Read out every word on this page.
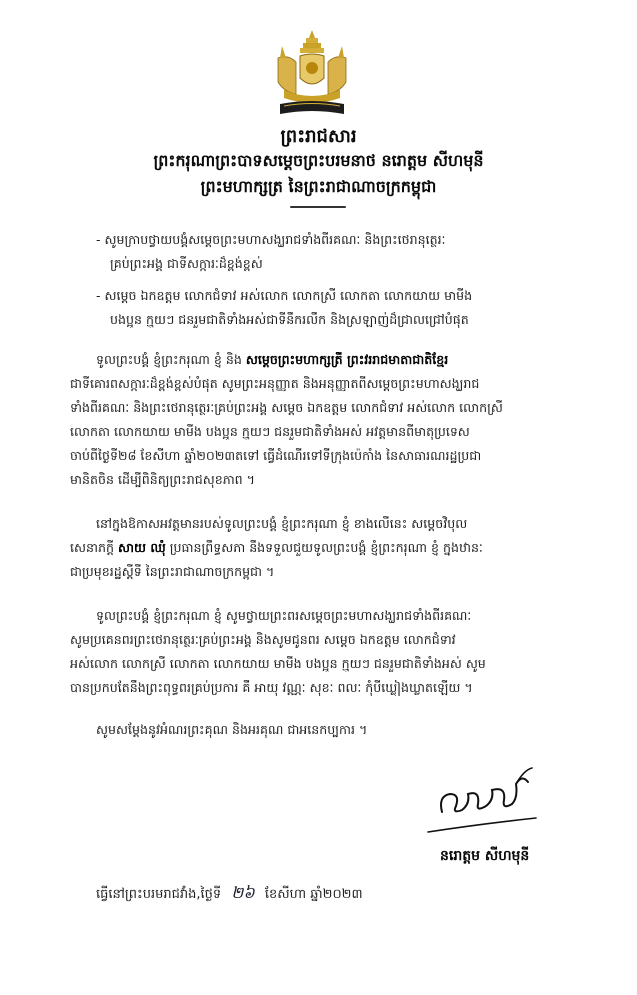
ព្រះរាជសារ
ព្រះករុណាព្រះបាទសម្ដេចព្រះបរមនាថ នរោត្តម សីហមុនី
ព្រះមហាក្សត្រ នៃព្រះរាជាណាចក្រកម្ពុជា
- សូមក្រាបថ្វាយបង្គំសម្តេចព្រះមហាសង្ឃរាជទាំងពីរគណៈ និងព្រះថេរានុត្ថេរៈ
គ្រប់ព្រះអង្គ ជាទីសក្ការៈដ៏ខ្ពង់ខ្ពស់
- សម្តេច ឯកឧត្តម លោកជំទាវ អស់លោក លោកស្រី លោកតា លោកយាយ មាមីង
បងប្អូន ក្មួយៗ ជនរួមជាតិទាំងអស់ជាទីនឹករលឹក និងស្រឡាញ់ដ៏ជ្រាលជ្រៅបំផុត
ទូលព្រះបង្គំ ខ្ញុំព្រះករុណា ខ្ញុំ និង សម្តេចព្រះមហាក្សត្រី ព្រះវររាជមាតាជាតិខ្មែរ
ជាទីគោរពសក្ការៈដ៏ខ្ពង់ខ្ពស់បំផុត សូមព្រះអនុញ្ញាត និងអនុញ្ញាតពីសម្តេចព្រះមហាសង្ឃរាជ
ទាំងពីរគណៈ និងព្រះថេរានុត្ថេរៈគ្រប់ព្រះអង្គ សម្តេច ឯកឧត្តម លោកជំទាវ អស់លោក លោកស្រី
លោកតា លោកយាយ មាមីង បងប្អូន ក្មួយៗ ជនរួមជាតិទាំងអស់ អវត្តមានពីមាតុប្រទេស
ចាប់ពីថ្ងៃទី២៨ ខែសីហា ឆ្នាំ២០២៣តទៅ ធ្វើដំណើរទៅទីក្រុងប៉េកាំង នៃសាធារណរដ្ឋប្រជា
មានិតចិន ដើម្បីពិនិត្យព្រះរាជសុខភាព ។
នៅក្នុងឱកាសអវត្តមានរបស់ទូលព្រះបង្គំ ខ្ញុំព្រះករុណា ខ្ញុំ ខាងលើនេះ សម្តេចវិបុល
សេនាភក្តី សាយ ឈុំ ប្រធានព្រឹទ្ធសភា នឹងទទួលជួយទូលព្រះបង្គំ ខ្ញុំព្រះករុណា ខ្ញុំ ក្នុងឋានៈ
ជាប្រមុខរដ្ឋស្តីទី នៃព្រះរាជាណាចក្រកម្ពុជា ។
ទូលព្រះបង្គំ ខ្ញុំព្រះករុណា ខ្ញុំ សូមថ្វាយព្រះពរសម្តេចព្រះមហាសង្ឃរាជទាំងពីរគណៈ
សូមប្រគេនពរព្រះថេរានុត្ថេរៈគ្រប់ព្រះអង្គ និងសូមជូនពរ សម្តេច ឯកឧត្តម លោកជំទាវ
អស់លោក លោកស្រី លោកតា លោកយាយ មាមីង បងប្អូន ក្មួយៗ ជនរួមជាតិទាំងអស់ សូម
បានប្រកបតែនឹងព្រះពុទ្ធពរគ្រប់ប្រការ គឺ អាយុ វណ្ណៈ សុខៈ ពលៈ កុំបីឃ្លៀងឃ្លាតឡើយ ។
សូមសម្តែងនូវអំណរព្រះគុណ និងអរគុណ ជាអនេកប្បការ ។
នរោត្តម សីហមុនី
ធ្វើនៅព្រះបរមរាជវាំង,ថ្ងៃទី ២៦ ខែសីហា ឆ្នាំ២០២៣
